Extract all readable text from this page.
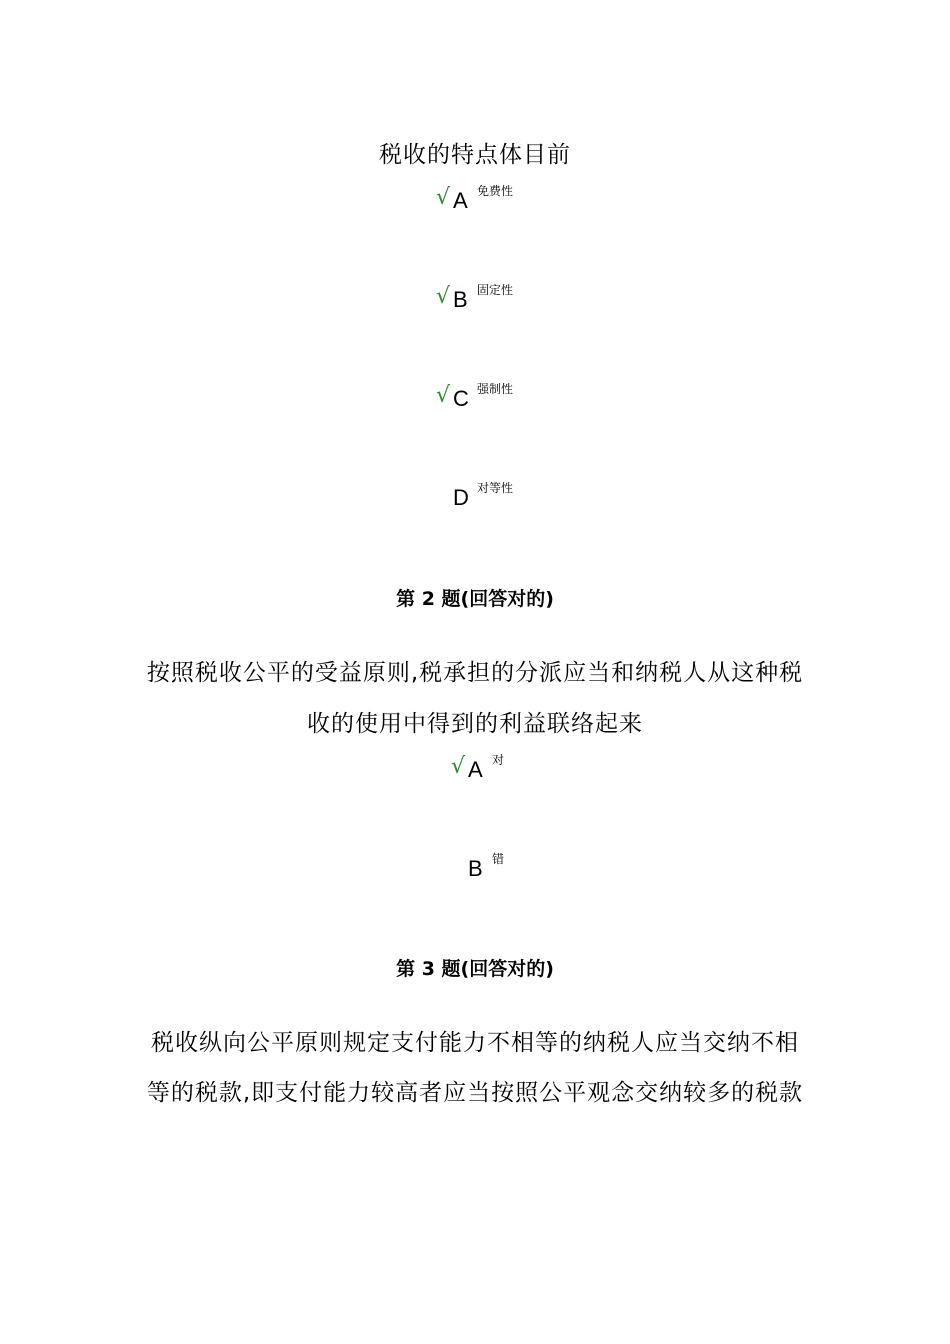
税收的特点体目前
√ A 免费性
√ B 固定性
√ C 强制性
D 对等性
第 2 题(回答对的)
按照税收公平的受益原则,税承担的分派应当和纳税人从这种税
收的使用中得到的利益联络起来
√ A 对
B 错
第 3 题(回答对的)
税收纵向公平原则规定支付能力不相等的纳税人应当交纳不相
等的税款,即支付能力较高者应当按照公平观念交纳较多的税款
